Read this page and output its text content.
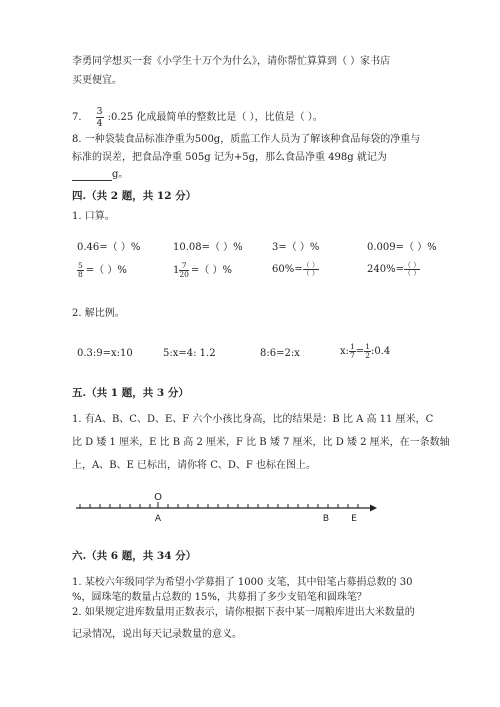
李勇同学想买一套《小学生十万个为什么》，请你帮忙算算到（ ）家书店
买更便宜。
7. $\frac{3}{4}$ :0.25 化成最简单的整数比是（ ），比值是（ ）。
8. 一种袋装食品标准净重为500g，质监工作人员为了解该种食品每袋的净重与
标准的误差，把食品净重 505g 记为+5g，那么食品净重 498g 就记为
g。
四.（共 2 题，共 12 分）
1. 口算。
0.46=（ ）%	10.08=（ ）%	3=（ ）%	0.009=（ ）%
$\frac{5}{8}$ =（ ）%	$1 \frac{7}{20}$ =（ ）%	$60\%= \frac{( )}{( )}$	$240\%= \frac{( )}{( )}$
2. 解比例。
0.3:9=x:10	5:x=4: 1.2	8:6=2:x	x: $\frac{1}{7} = \frac{1}{2}$ :0.4
五.（共 1 题，共 3 分）
1. 有A、B、C、D、E、F 六个小孩比身高，比的结果是：B 比 A 高 11 厘米，C
比 D 矮 1 厘米，E 比 B 高 2 厘米，F 比 B 矮 7 厘米，比 D 矮 2 厘米，在一条数轴
上，A、B、E 已标出，请你将 C、D、F 也标在图上。
O
A	B E
六.（共 6 题，共 34 分）
1. 某校六年级同学为希望小学募捐了 1000 支笔，其中铅笔占募捐总数的 30
%，圆珠笔的数量占总数的 15%，共募捐了多少支铅笔和圆珠笔？
2. 如果规定进库数量用正数表示，请你根据下表中某一周粮库进出大米数量的
记录情况，说出每天记录数量的意义。
